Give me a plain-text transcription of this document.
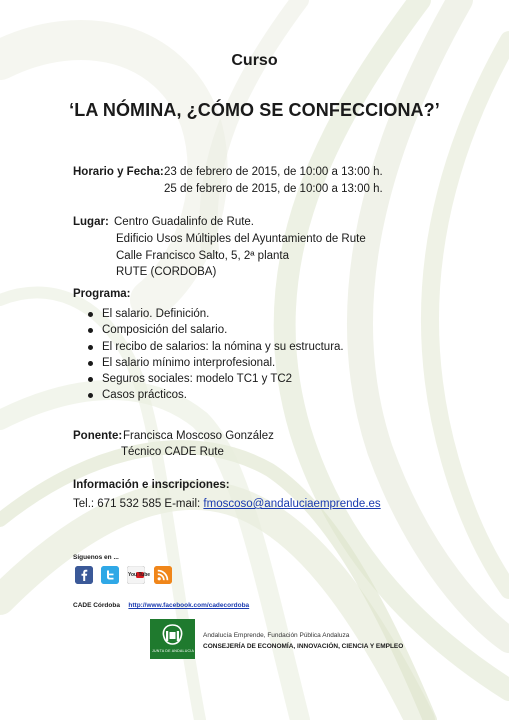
Curso
‘LA NÓMINA, ¿CÓMO SE CONFECCIONA?’
Horario y Fecha: 23 de febrero de 2015, de 10:00 a 13:00 h.
25 de febrero de 2015, de 10:00 a 13:00 h.
Lugar: Centro Guadalinfo de Rute.
Edificio Usos Múltiples del Ayuntamiento de Rute
Calle Francisco Salto, 5, 2ª planta
RUTE (CORDOBA)
Programa:
El salario. Definición.
Composición del salario.
El recibo de salarios: la nómina y su estructura.
El salario mínimo interprofesional.
Seguros sociales: modelo TC1 y TC2
Casos prácticos.
Ponente: Francisca Moscoso González
Técnico CADE Rute
Información e inscripciones:
Tel.: 671 532 585 E-mail: fmoscoso@andaluciaemprende.es
Síguenos en ...
You Tube
CADE Córdoba http://www.facebook.com/cadecordoba
JUNTA DE ANDALUCIA
Andalucía Emprende, Fundación Pública Andaluza
CONSEJERÍA DE ECONOMÍA, INNOVACIÓN, CIENCIA Y EMPLEO
